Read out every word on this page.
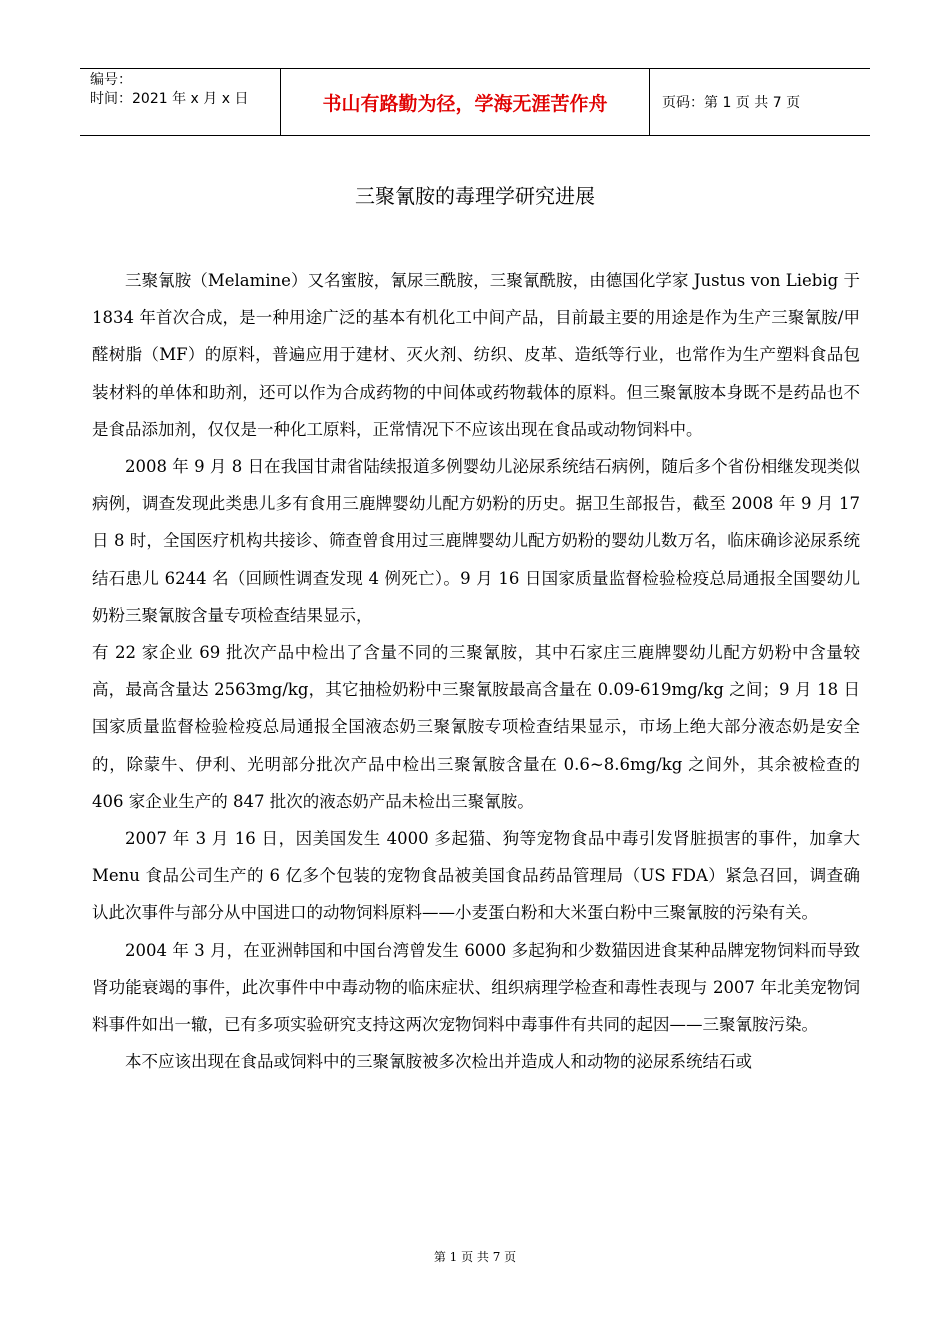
编号：
时间：2021 年 x 月 x 日	书山有路勤为径，学海无涯苦作舟	页码：第 1 页 共 7 页
三聚氰胺的毒理学研究进展

三聚氰胺（Melamine）又名蜜胺，氰尿三酰胺，三聚氰酰胺，由德国化学家 Justus von Liebig 于 1834 年首次合成，是一种用途广泛的基本有机化工中间产品，目前最主要的用途是作为生产三聚氰胺/甲醛树脂（MF）的原料，普遍应用于建材、灭火剂、纺织、皮革、造纸等行业，也常作为生产塑料食品包装材料的单体和助剂，还可以作为合成药物的中间体或药物载体的原料。但三聚氰胺本身既不是药品也不是食品添加剂，仅仅是一种化工原料，正常情况下不应该出现在食品或动物饲料中。

2008 年 9 月 8 日在我国甘肃省陆续报道多例婴幼儿泌尿系统结石病例，随后多个省份相继发现类似病例，调查发现此类患儿多有食用三鹿牌婴幼儿配方奶粉的历史。据卫生部报告，截至 2008 年 9 月 17 日 8 时，全国医疗机构共接诊、筛查曾食用过三鹿牌婴幼儿配方奶粉的婴幼儿数万名，临床确诊泌尿系统结石患儿 6244 名（回顾性调查发现 4 例死亡）。9 月 16 日国家质量监督检验检疫总局通报全国婴幼儿奶粉三聚氰胺含量专项检查结果显示，

有 22 家企业 69 批次产品中检出了含量不同的三聚氰胺，其中石家庄三鹿牌婴幼儿配方奶粉中含量较高，最高含量达 2563mg/kg，其它抽检奶粉中三聚氰胺最高含量在 0.09-619mg/kg 之间；9 月 18 日国家质量监督检验检疫总局通报全国液态奶三聚氰胺专项检查结果显示，市场上绝大部分液态奶是安全的，除蒙牛、伊利、光明部分批次产品中检出三聚氰胺含量在 0.6~8.6mg/kg 之间外，其余被检查的 406 家企业生产的 847 批次的液态奶产品未检出三聚氰胺。

2007 年 3 月 16 日，因美国发生 4000 多起猫、狗等宠物食品中毒引发肾脏损害的事件，加拿大 Menu 食品公司生产的 6 亿多个包装的宠物食品被美国食品药品管理局（US FDA）紧急召回，调查确认此次事件与部分从中国进口的动物饲料原料——小麦蛋白粉和大米蛋白粉中三聚氰胺的污染有关。

2004 年 3 月，在亚洲韩国和中国台湾曾发生 6000 多起狗和少数猫因进食某种品牌宠物饲料而导致肾功能衰竭的事件，此次事件中中毒动物的临床症状、组织病理学检查和毒性表现与 2007 年北美宠物饲料事件如出一辙，已有多项实验研究支持这两次宠物饲料中毒事件有共同的起因——三聚氰胺污染。

本不应该出现在食品或饲料中的三聚氰胺被多次检出并造成人和动物的泌尿系统结石或

第 1 页 共 7 页
